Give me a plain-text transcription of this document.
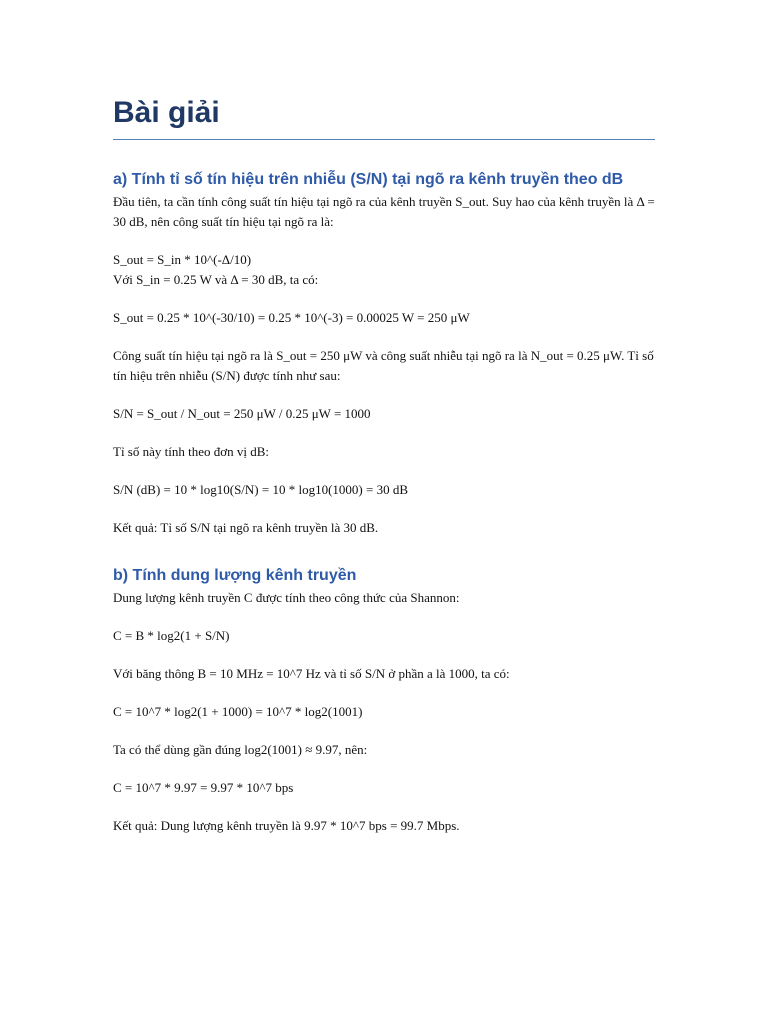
Bài giải
a) Tính tỉ số tín hiệu trên nhiễu (S/N) tại ngõ ra kênh truyền theo dB

Đầu tiên, ta cần tính công suất tín hiệu tại ngõ ra của kênh truyền S_out. Suy hao của kênh truyền là Δ = 30 dB, nên công suất tín hiệu tại ngõ ra là:

S_out = S_in * 10^(-Δ/10)

Với S_in = 0.25 W và Δ = 30 dB, ta có:

S_out = 0.25 * 10^(-30/10) = 0.25 * 10^(-3) = 0.00025 W = 250 μW

Công suất tín hiệu tại ngõ ra là S_out = 250 μW và công suất nhiễu tại ngõ ra là N_out = 0.25 μW. Tỉ số tín hiệu trên nhiễu (S/N) được tính như sau:

S/N = S_out / N_out = 250 μW / 0.25 μW = 1000

Tỉ số này tính theo đơn vị dB:

S/N (dB) = 10 * log10(S/N) = 10 * log10(1000) = 30 dB

Kết quả: Tỉ số S/N tại ngõ ra kênh truyền là 30 dB.

b) Tính dung lượng kênh truyền

Dung lượng kênh truyền C được tính theo công thức của Shannon:

C = B * log2(1 + S/N)

Với băng thông B = 10 MHz = 10^7 Hz và tỉ số S/N ở phần a là 1000, ta có:

C = 10^7 * log2(1 + 1000) = 10^7 * log2(1001)

Ta có thể dùng gần đúng log2(1001) ≈ 9.97, nên:

C = 10^7 * 9.97 = 9.97 * 10^7 bps

Kết quả: Dung lượng kênh truyền là 9.97 * 10^7 bps = 99.7 Mbps.
